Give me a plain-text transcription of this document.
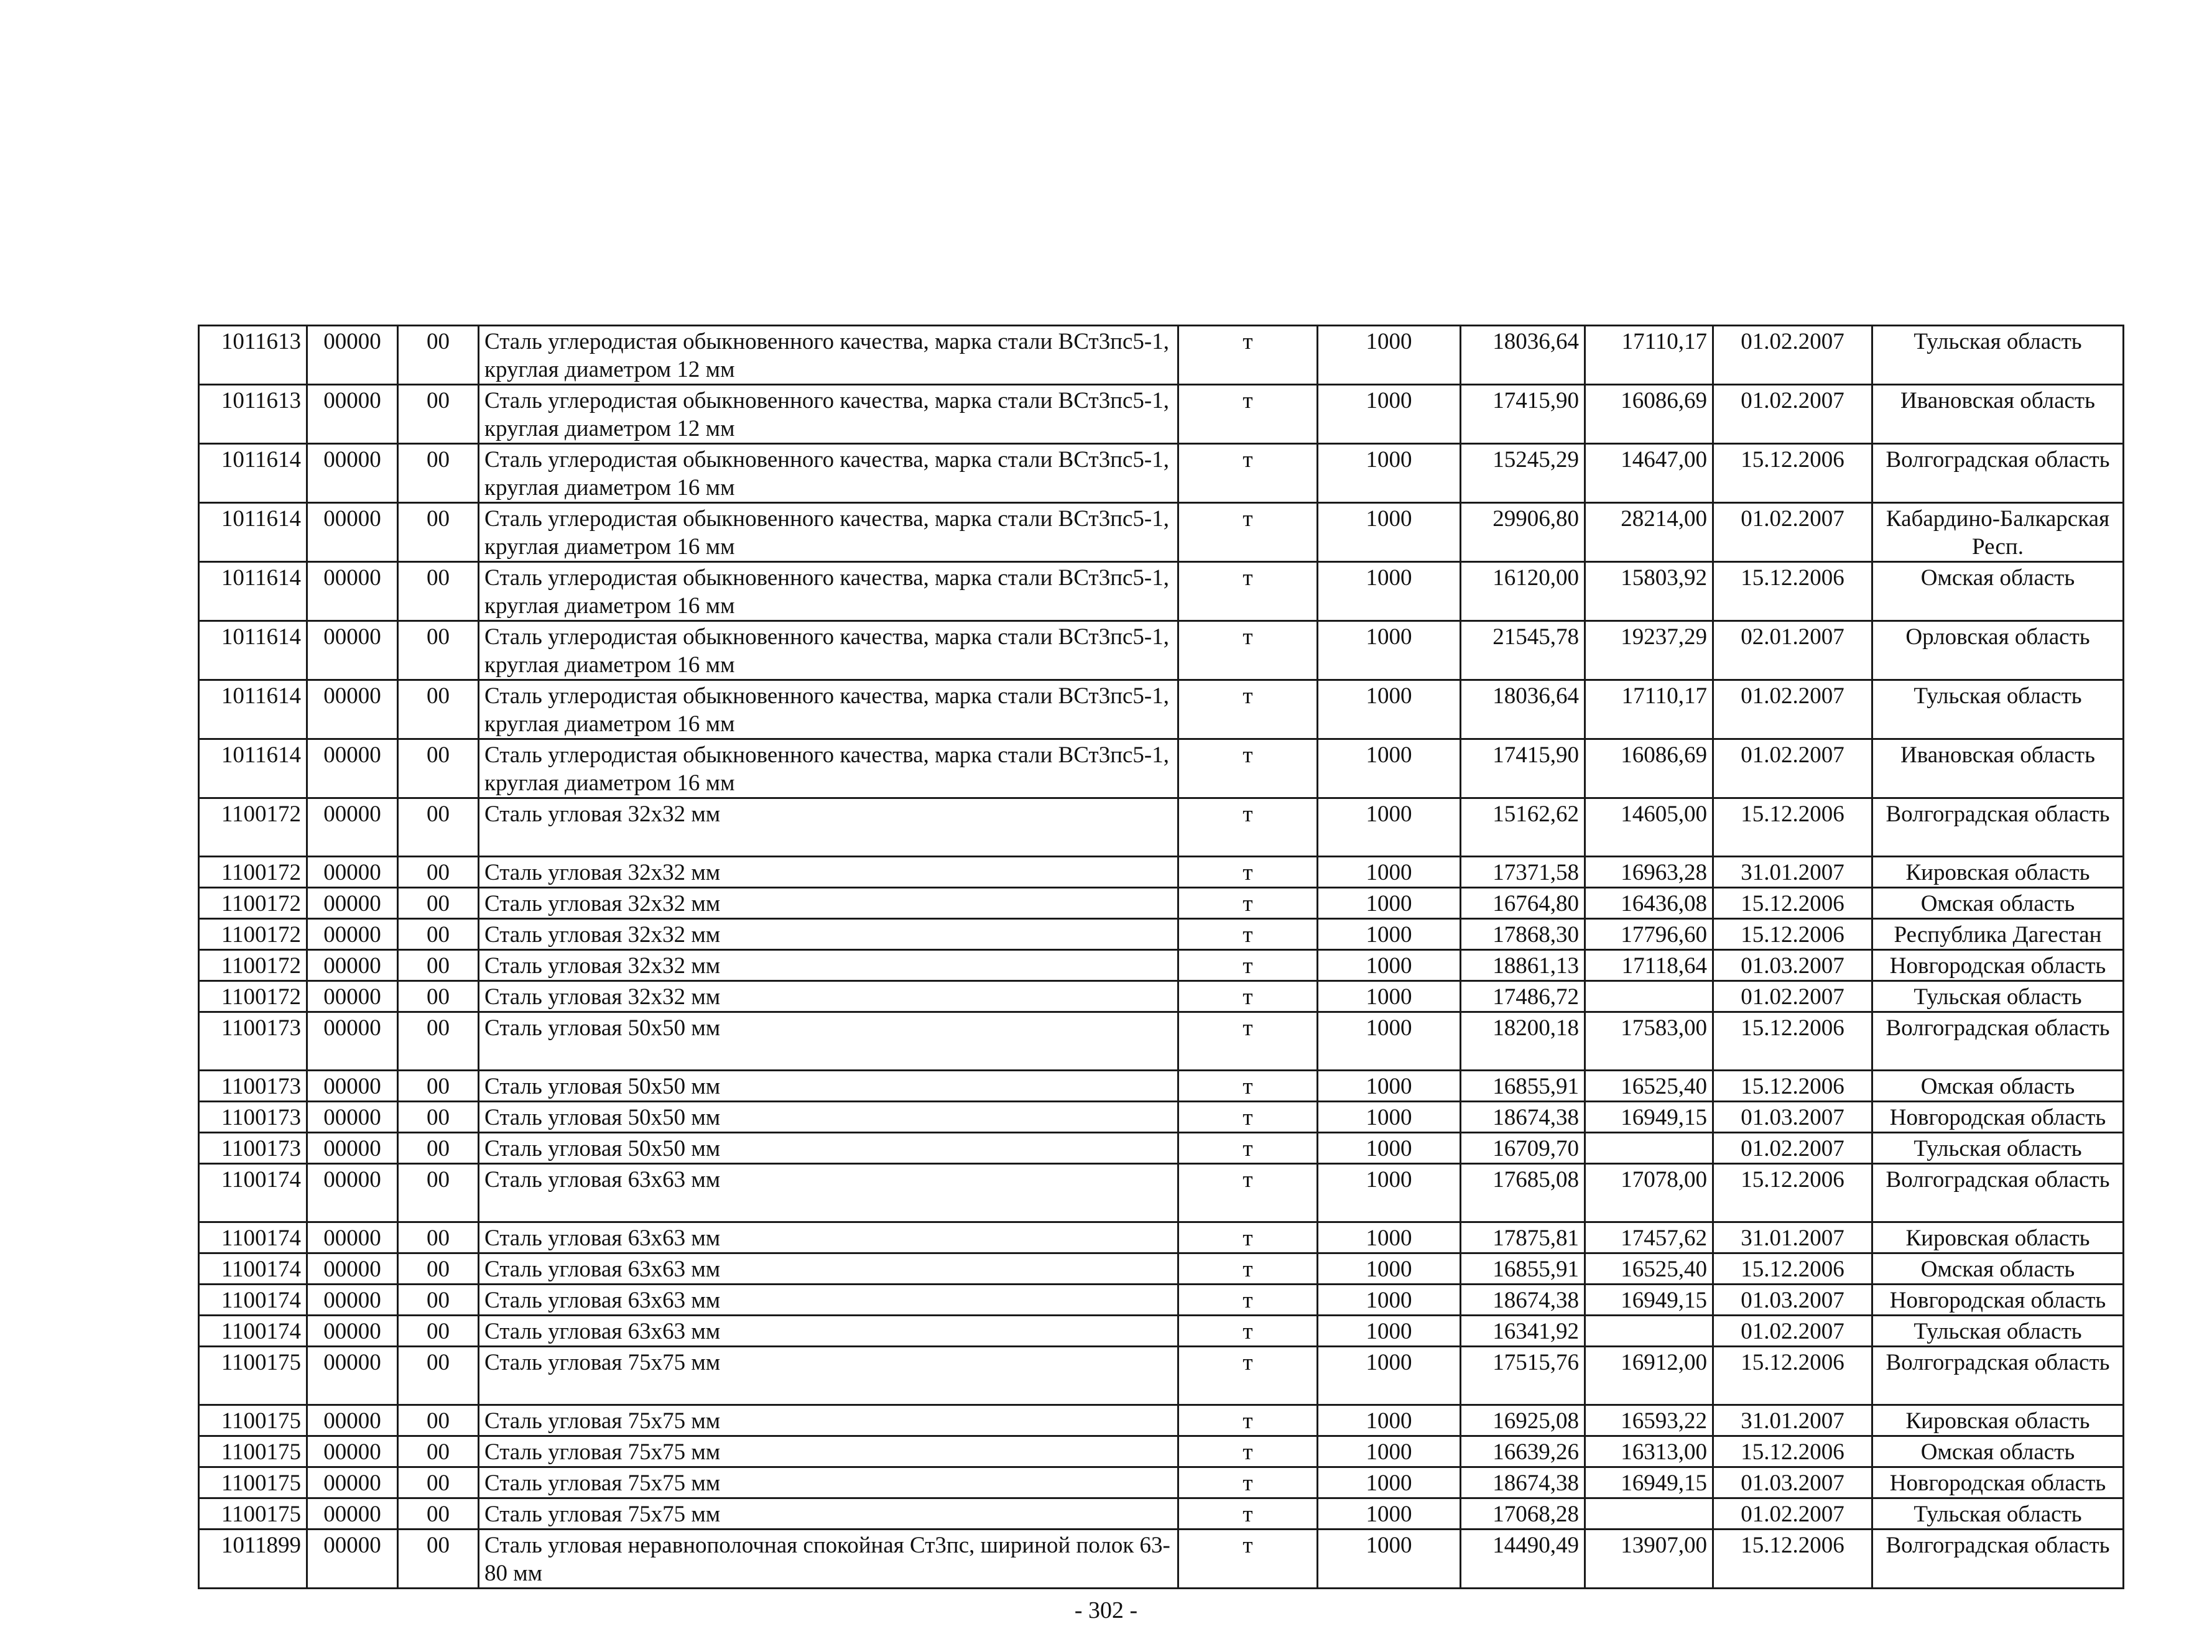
1011613	00000	00	Сталь углеродистая обыкновенного качества, марка стали ВСт3пс5-1, круглая диаметром 12 мм	т	1000	18036,64	17110,17	01.02.2007	Тульская область
1011613	00000	00	Сталь углеродистая обыкновенного качества, марка стали ВСт3пс5-1, круглая диаметром 12 мм	т	1000	17415,90	16086,69	01.02.2007	Ивановская область
1011614	00000	00	Сталь углеродистая обыкновенного качества, марка стали ВСт3пс5-1, круглая диаметром 16 мм	т	1000	15245,29	14647,00	15.12.2006	Волгоградская область
1011614	00000	00	Сталь углеродистая обыкновенного качества, марка стали ВСт3пс5-1, круглая диаметром 16 мм	т	1000	29906,80	28214,00	01.02.2007	Кабардино-Балкарская Респ.
1011614	00000	00	Сталь углеродистая обыкновенного качества, марка стали ВСт3пс5-1, круглая диаметром 16 мм	т	1000	16120,00	15803,92	15.12.2006	Омская область
1011614	00000	00	Сталь углеродистая обыкновенного качества, марка стали ВСт3пс5-1, круглая диаметром 16 мм	т	1000	21545,78	19237,29	02.01.2007	Орловская область
1011614	00000	00	Сталь углеродистая обыкновенного качества, марка стали ВСт3пс5-1, круглая диаметром 16 мм	т	1000	18036,64	17110,17	01.02.2007	Тульская область
1011614	00000	00	Сталь углеродистая обыкновенного качества, марка стали ВСт3пс5-1, круглая диаметром 16 мм	т	1000	17415,90	16086,69	01.02.2007	Ивановская область
1100172	00000	00	Сталь угловая 32х32 мм	т	1000	15162,62	14605,00	15.12.2006	Волгоградская область
1100172	00000	00	Сталь угловая 32х32 мм	т	1000	17371,58	16963,28	31.01.2007	Кировская область
1100172	00000	00	Сталь угловая 32х32 мм	т	1000	16764,80	16436,08	15.12.2006	Омская область
1100172	00000	00	Сталь угловая 32х32 мм	т	1000	17868,30	17796,60	15.12.2006	Республика Дагестан
1100172	00000	00	Сталь угловая 32х32 мм	т	1000	18861,13	17118,64	01.03.2007	Новгородская область
1100172	00000	00	Сталь угловая 32х32 мм	т	1000	17486,72		01.02.2007	Тульская область
1100173	00000	00	Сталь угловая 50х50 мм	т	1000	18200,18	17583,00	15.12.2006	Волгоградская область
1100173	00000	00	Сталь угловая 50х50 мм	т	1000	16855,91	16525,40	15.12.2006	Омская область
1100173	00000	00	Сталь угловая 50х50 мм	т	1000	18674,38	16949,15	01.03.2007	Новгородская область
1100173	00000	00	Сталь угловая 50х50 мм	т	1000	16709,70		01.02.2007	Тульская область
1100174	00000	00	Сталь угловая 63х63 мм	т	1000	17685,08	17078,00	15.12.2006	Волгоградская область
1100174	00000	00	Сталь угловая 63х63 мм	т	1000	17875,81	17457,62	31.01.2007	Кировская область
1100174	00000	00	Сталь угловая 63х63 мм	т	1000	16855,91	16525,40	15.12.2006	Омская область
1100174	00000	00	Сталь угловая 63х63 мм	т	1000	18674,38	16949,15	01.03.2007	Новгородская область
1100174	00000	00	Сталь угловая 63х63 мм	т	1000	16341,92		01.02.2007	Тульская область
1100175	00000	00	Сталь угловая 75х75 мм	т	1000	17515,76	16912,00	15.12.2006	Волгоградская область
1100175	00000	00	Сталь угловая 75х75 мм	т	1000	16925,08	16593,22	31.01.2007	Кировская область
1100175	00000	00	Сталь угловая 75х75 мм	т	1000	16639,26	16313,00	15.12.2006	Омская область
1100175	00000	00	Сталь угловая 75х75 мм	т	1000	18674,38	16949,15	01.03.2007	Новгородская область
1100175	00000	00	Сталь угловая 75х75 мм	т	1000	17068,28		01.02.2007	Тульская область
1011899	00000	00	Сталь угловая неравнополочная спокойная Ст3пс, шириной полок 63-80 мм	т	1000	14490,49	13907,00	15.12.2006	Волгоградская область
- 302 -
